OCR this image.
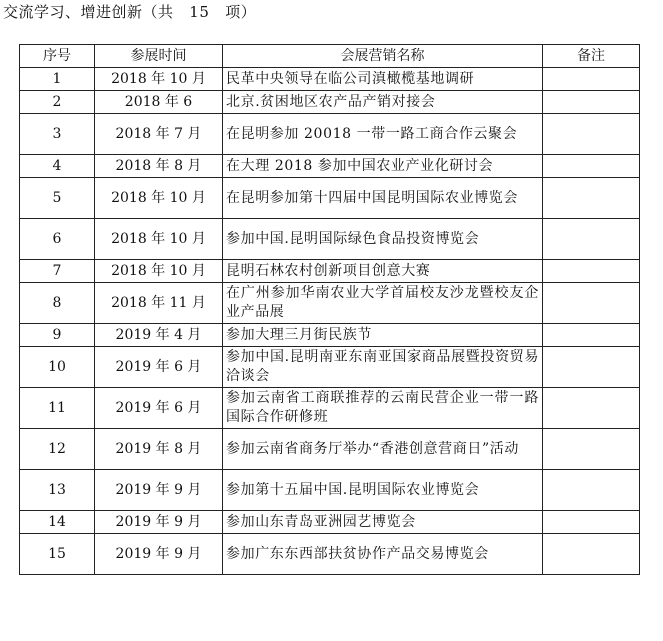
交流学习、增进创新（共   15   项）
序号	参展时间	会展营销名称	备注
1	2018 年 10 月	民革中央领导在临公司滇橄榄基地调研	
2	2018 年 6	北京.贫困地区农产品产销对接会	
3	2018 年 7 月	在昆明参加 20018 一带一路工商合作云聚会	
4	2018 年 8 月	在大理 2018 参加中国农业产业化研讨会	
5	2018 年 10 月	在昆明参加第十四届中国昆明国际农业博览会	
6	2018 年 10 月	参加中国.昆明国际绿色食品投资博览会	
7	2018 年 10 月	昆明石林农村创新项目创意大赛	
8	2018 年 11 月	在广州参加华南农业大学首届校友沙龙暨校友企业产品展	
9	2019 年 4 月	参加大理三月街民族节	
10	2019 年 6 月	参加中国.昆明南亚东南亚国家商品展暨投资贸易洽谈会	
11	2019 年 6 月	参加云南省工商联推荐的云南民营企业一带一路国际合作研修班	
12	2019 年 8 月	参加云南省商务厅举办“香港创意营商日”活动	
13	2019 年 9 月	参加第十五届中国.昆明国际农业博览会	
14	2019 年 9 月	参加山东青岛亚洲园艺博览会	
15	2019 年 9 月	参加广东东西部扶贫协作产品交易博览会	
